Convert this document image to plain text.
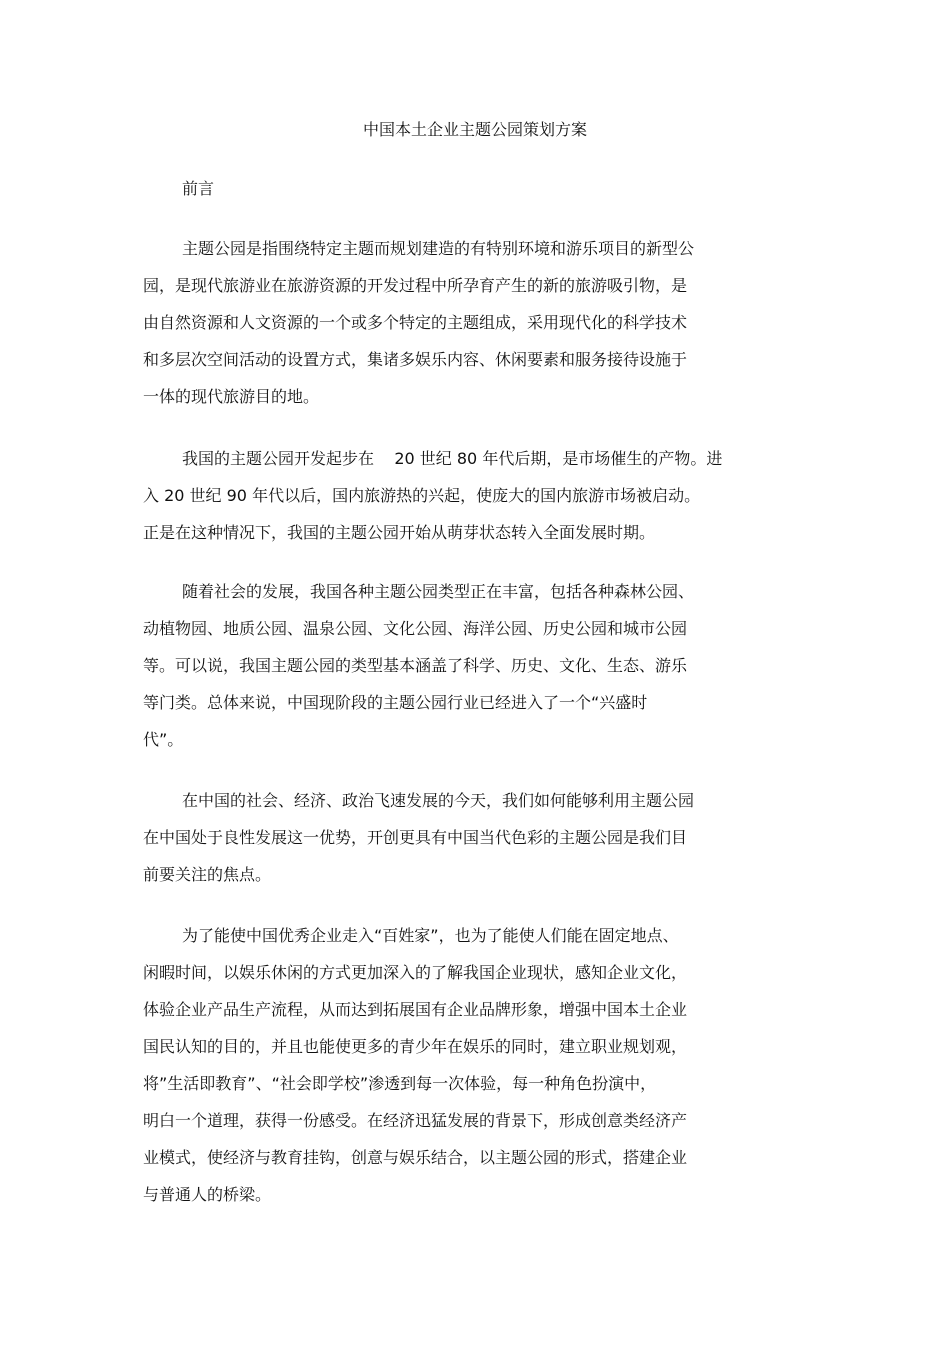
中国本土企业主题公园策划方案
前言
主题公园是指围绕特定主题而规划建造的有特别环境和游乐项目的新型公
园，是现代旅游业在旅游资源的开发过程中所孕育产生的新的旅游吸引物，是
由自然资源和人文资源的一个或多个特定的主题组成，采用现代化的科学技术
和多层次空间活动的设置方式，集诸多娱乐内容、休闲要素和服务接待设施于
一体的现代旅游目的地。
我国的主题公园开发起步在    20 世纪 80 年代后期，是市场催生的产物。进
入 20 世纪 90 年代以后，国内旅游热的兴起，使庞大的国内旅游市场被启动。
正是在这种情况下，我国的主题公园开始从萌芽状态转入全面发展时期。
随着社会的发展，我国各种主题公园类型正在丰富，包括各种森林公园、
动植物园、地质公园、温泉公园、文化公园、海洋公园、历史公园和城市公园
等。可以说，我国主题公园的类型基本涵盖了科学、历史、文化、生态、游乐
等门类。总体来说，中国现阶段的主题公园行业已经进入了一个“兴盛时
代”。
在中国的社会、经济、政治飞速发展的今天，我们如何能够利用主题公园
在中国处于良性发展这一优势，开创更具有中国当代色彩的主题公园是我们目
前要关注的焦点。
为了能使中国优秀企业走入“百姓家”，也为了能使人们能在固定地点、
闲暇时间，以娱乐休闲的方式更加深入的了解我国企业现状，感知企业文化，
体验企业产品生产流程，从而达到拓展国有企业品牌形象，增强中国本土企业
国民认知的目的，并且也能使更多的青少年在娱乐的同时，建立职业规划观，
将”生活即教育”、“社会即学校”渗透到每一次体验，每一种角色扮演中，
明白一个道理，获得一份感受。在经济迅猛发展的背景下，形成创意类经济产
业模式，使经济与教育挂钩，创意与娱乐结合，以主题公园的形式，搭建企业
与普通人的桥梁。
